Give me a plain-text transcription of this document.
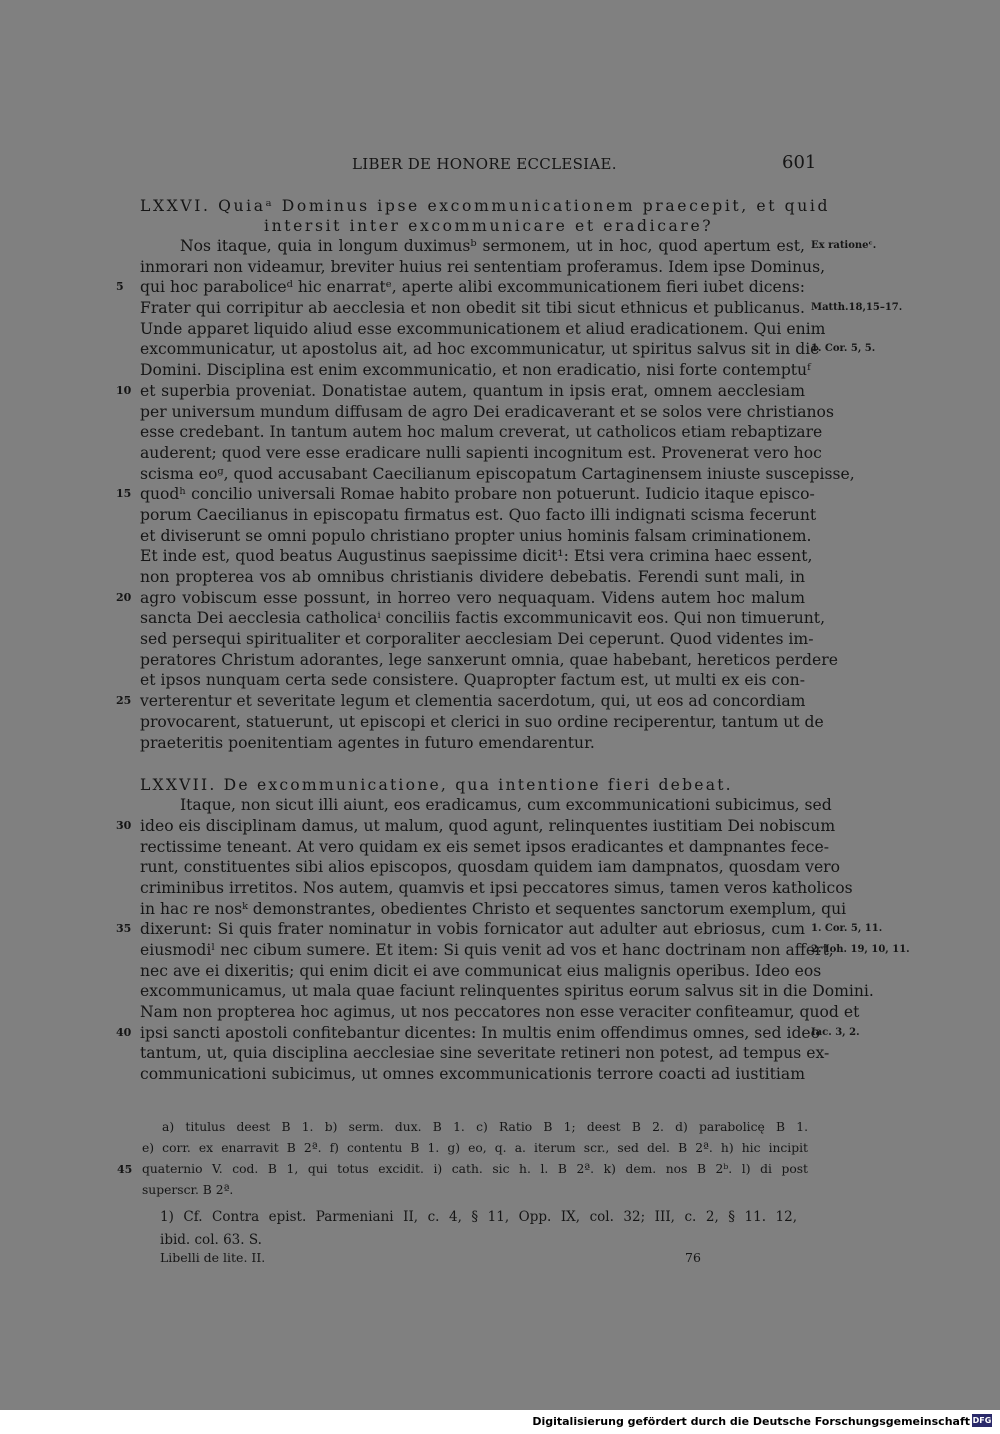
LIBER DE HONORE ECCLESIAE.	601
LXXVI. Quiaᵃ Dominus ipse excommunicationem praecepit, et quid
intersit inter excommunicare et eradicare?
Nos itaque, quia in longum duximusᵇ sermonem, ut in hoc, quod apertum est, Ex rationeᶜ.
inmorari non videamur, breviter huius rei sententiam proferamus. Idem ipse Dominus,
5	qui hoc paraboliceᵈ hic enarratᵉ, aperte alibi excommunicationem fieri iubet dicens:
Frater qui corripitur ab aecclesia et non obedit sit tibi sicut ethnicus et publicanus. Matth.18,15–17.
Unde apparet liquido aliud esse excommunicationem et aliud eradicationem. Qui enim
excommunicatur, ut apostolus ait, ad hoc excommunicatur, ut spiritus salvus sit in die
1. Cor. 5, 5.
Domini. Disciplina est enim excommunicatio, et non eradicatio, nisi forte contemptuᶠ
10 et superbia proveniat. Donatistae autem, quantum in ipsis erat, omnem aecclesiam
per universum mundum diffusam de agro Dei eradicaverant et se solos vere christianos
esse credebant. In tantum autem hoc malum creverat, ut catholicos etiam rebaptizare
auderent; quod vere esse eradicare nulli sapienti incognitum est. Provenerat vero hoc
scisma eoᵍ, quod accusabant Caecilianum episcopatum Cartaginensem iniuste suscepisse,
15 quodʰ concilio universali Romae habito probare non potuerunt. Iudicio itaque episco-
porum Caecilianus in episcopatu firmatus est. Quo facto illi indignati scisma fecerunt
et diviserunt se omni populo christiano propter unius hominis falsam criminationem.
Et inde est, quod beatus Augustinus saepissime dicit¹: Etsi vera crimina haec essent,
non propterea vos ab omnibus christianis dividere debebatis. Ferendi sunt mali, in
20 agro vobiscum esse possunt, in horreo vero nequaquam. Videns autem hoc malum
sancta Dei aecclesia catholicaⁱ conciliis factis excommunicavit eos. Qui non timuerunt,
sed persequi spiritualiter et corporaliter aecclesiam Dei ceperunt. Quod videntes im-
peratores Christum adorantes, lege sanxerunt omnia, quae habebant, hereticos perdere
et ipsos nunquam certa sede consistere. Quapropter factum est, ut multi ex eis con-
25 verterentur et severitate legum et clementia sacerdotum, qui, ut eos ad concordiam
provocarent, statuerunt, ut episcopi et clerici in suo ordine reciperentur, tantum ut de
praeteritis poenitentiam agentes in futuro emendarentur.
LXXVII. De excommunicatione, qua intentione fieri debeat.
Itaque, non sicut illi aiunt, eos eradicamus, cum excommunicationi subicimus, sed
30 ideo eis disciplinam damus, ut malum, quod agunt, relinquentes iustitiam Dei nobiscum
rectissime teneant. At vero quidam ex eis semet ipsos eradicantes et dampnantes fece-
runt, constituentes sibi alios episcopos, quosdam quidem iam dampnatos, quosdam vero
criminibus irretitos. Nos autem, quamvis et ipsi peccatores simus, tamen veros katholicos
in hac re nosᵏ demonstrantes, obedientes Christo et sequentes sanctorum exemplum, qui
35 dixerunt: Si quis frater nominatur in vobis fornicator aut adulter aut ebriosus, cum 1. Cor. 5, 11.
eiusmodiˡ nec cibum sumere. Et item: Si quis venit ad vos et hanc doctrinam non affert,
2. Ioh. 19, 10, 11.
nec ave ei dixeritis; qui enim dicit ei ave communicat eius malignis operibus. Ideo eos
excommunicamus, ut mala quae faciunt relinquentes spiritus eorum salvus sit in die Domini.
Nam non propterea hoc agimus, ut nos peccatores non esse veraciter confiteamur, quod et
40 ipsi sancti apostoli confitebantur dicentes: In multis enim offendimus omnes, sed ideo
Iac. 3, 2.
tantum, ut, quia disciplina aecclesiae sine severitate retineri non potest, ad tempus ex-
communicationi subicimus, ut omnes excommunicationis terrore coacti ad iustitiam
a) titulus deest B 1. b) serm. dux. B 1. c) Ratio B 1; deest B 2. d) parabolicę B 1.
e) corr. ex enarravit B 2ª. f) contentu B 1. g) eo, q. a. iterum scr., sed del. B 2ª. h) hic incipit
45 quaternio V. cod. B 1, qui totus excidit. i) cath. sic h. l. B 2ª. k) dem. nos B 2ᵇ. l) di post
superscr. B 2ª.
1) Cf. Contra epist. Parmeniani II, c. 4, § 11, Opp. IX, col. 32; III, c. 2, § 11. 12,
ibid. col. 63. S.
Libelli de lite. II.	76
Digitalisierung gefördert durch die Deutsche Forschungsgemeinschaft DFG
